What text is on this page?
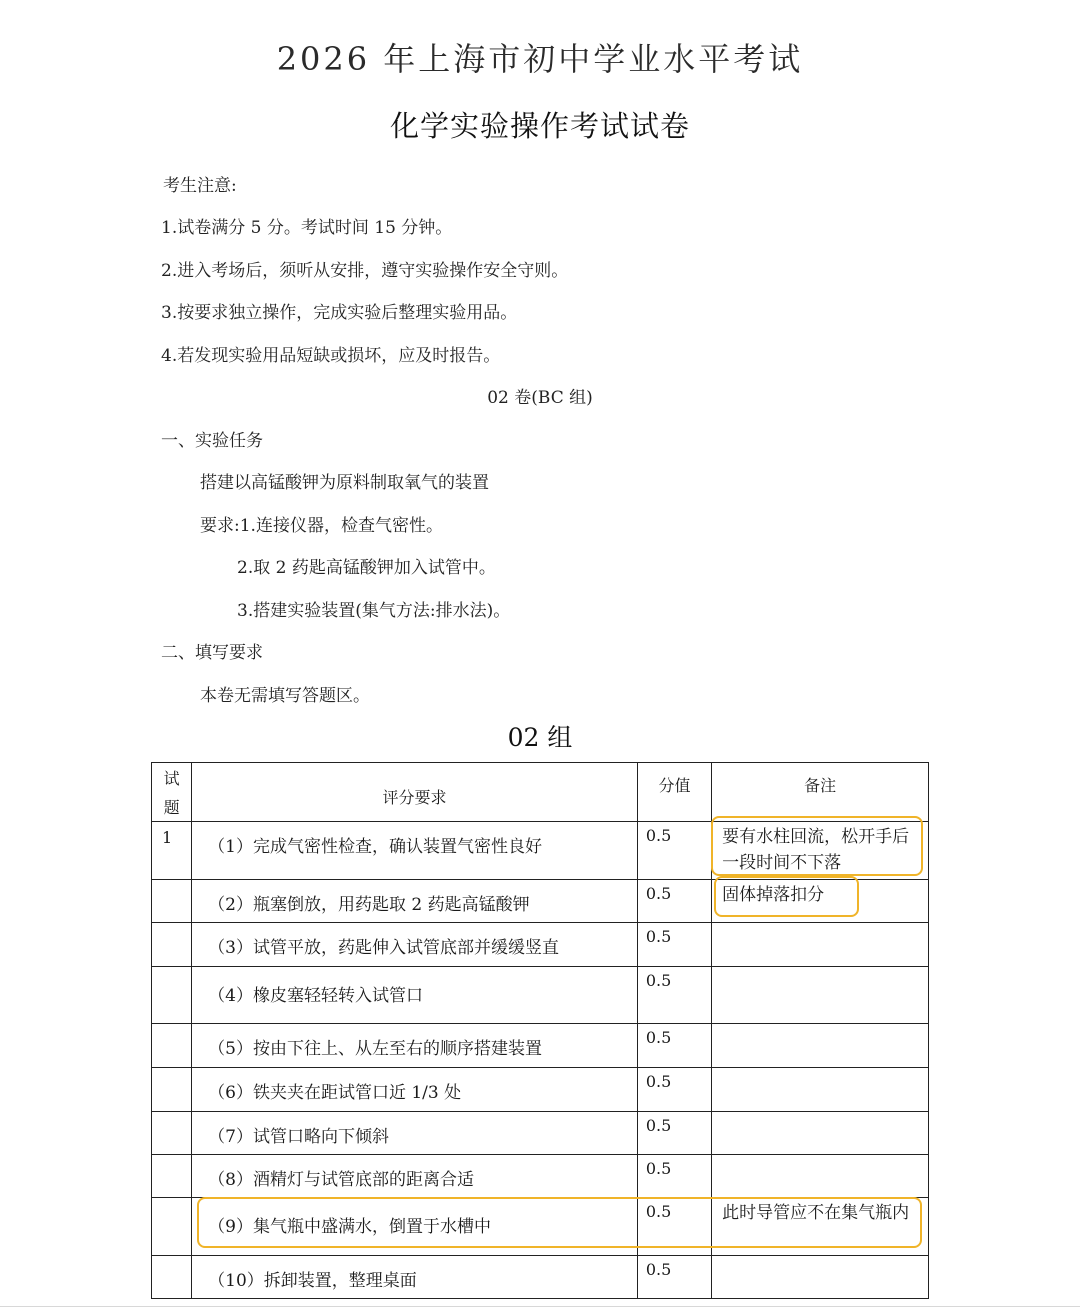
2026 年上海市初中学业水平考试
化学实验操作考试试卷
考生注意:
1.试卷满分 5 分。考试时间 15 分钟。
2.进入考场后，须听从安排，遵守实验操作安全守则。
3.按要求独立操作，完成实验后整理实验用品。
4.若发现实验用品短缺或损坏，应及时报告。
02 卷(BC 组)
一、实验任务
搭建以高锰酸钾为原料制取氧气的装置
要求:1.连接仪器，检查气密性。
2.取 2 药匙高锰酸钾加入试管中。
3.搭建实验装置(集气方法:排水法)。
二、填写要求
本卷无需填写答题区。
02 组
试
题	评分要求	分值	备注

1	（1）完成气密性检查，确认装置气密性良好	0.5	要有水柱回流，松开手后一段时间不下落

	（2）瓶塞倒放，用药匙取 2 药匙高锰酸钾	0.5	固体掉落扣分

	（3）试管平放，药匙伸入试管底部并缓缓竖直	0.5	

	（4）橡皮塞轻轻转入试管口	0.5	

	（5）按由下往上、从左至右的顺序搭建装置	0.5	

	（6）铁夹夹在距试管口近 1/3 处	0.5	

	（7）试管口略向下倾斜	0.5	

	（8）酒精灯与试管底部的距离合适	0.5	

	（9）集气瓶中盛满水，倒置于水槽中	0.5	此时导管应不在集气瓶内

	（10）拆卸装置，整理桌面	0.5	
